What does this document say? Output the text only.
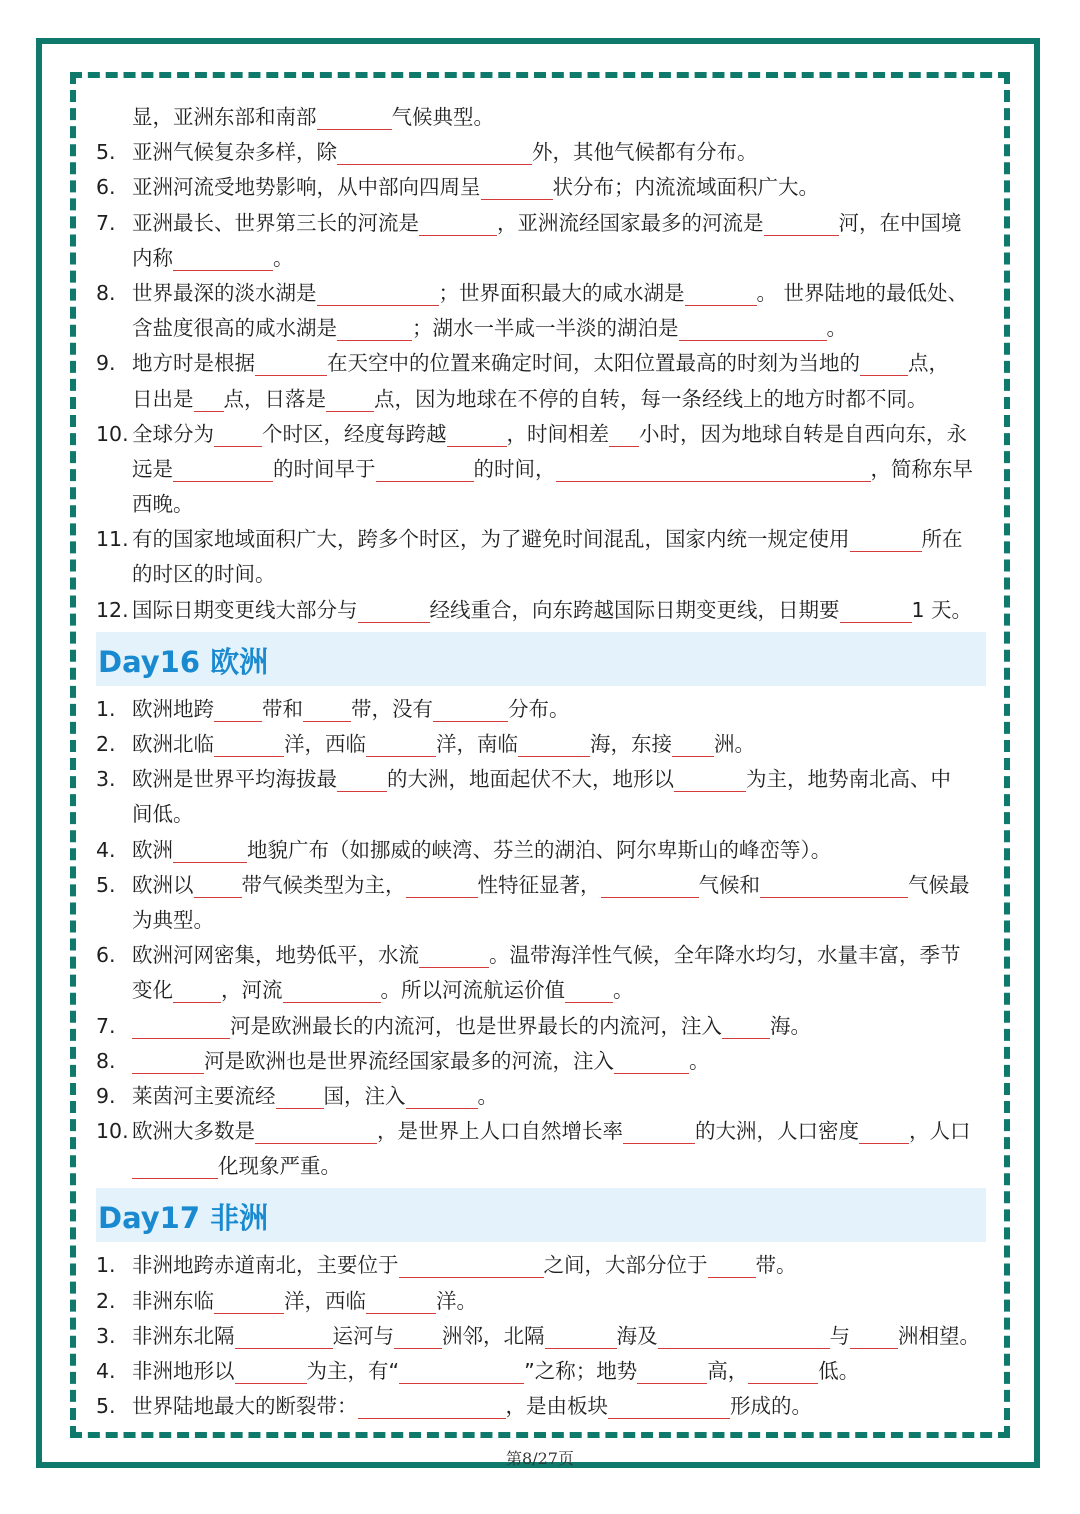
显，亚洲东部和南部	气候典型。
5. 亚洲气候复杂多样，除	外，其他气候都有分布。
6. 亚洲河流受地势影响，从中部向四周呈	状分布；内流流域面积广大。
7. 亚洲最长、世界第三长的河流是	，亚洲流经国家最多的河流是	河，在中国境
内称	。
8. 世界最深的淡水湖是	；世界面积最大的咸水湖是	。 世界陆地的最低处、
含盐度很高的咸水湖是	；湖水一半咸一半淡的湖泊是	。
9. 地方时是根据	在天空中的位置来确定时间，太阳位置最高的时刻为当地的 点，
日出是 点，日落是 点，因为地球在不停的自转，每一条经线上的地方时都不同。
10. 全球分为 个时区，经度每跨越	，时间相差 小时，因为地球自转是自西向东，永
远是	的时间早于	的时间，	，简称东早
西晚。
11. 有的国家地域面积广大，跨多个时区，为了避免时间混乱，国家内统一规定使用	所在
的时区的时间。
12. 国际日期变更线大部分与	经线重合，向东跨越国际日期变更线，日期要	1 天。
Day16 欧洲
1. 欧洲地跨 带和 带，没有	分布。
2. 欧洲北临	洋，西临	洋，南临	海，东接 洲。
3. 欧洲是世界平均海拔最 的大洲，地面起伏不大，地形以	为主，地势南北高、中
间低。
4. 欧洲	地貌广布（如挪威的峡湾、芬兰的湖泊、阿尔卑斯山的峰峦等）。
5. 欧洲以 带气候类型为主，	性特征显著，	气候和	气候最
为典型。
6. 欧洲河网密集，地势低平，水流	。温带海洋性气候，全年降水均匀，水量丰富，季节
变化 ，河流	。所以河流航运价值 。
7.	河是欧洲最长的内流河，也是世界最长的内流河，注入 海。
8.	河是欧洲也是世界流经国家最多的河流，注入	。
9. 莱茵河主要流经 国，注入	。
10. 欧洲大多数是	，是世界上人口自然增长率	的大洲，人口密度 ，人口
化现象严重。
Day17 非洲
1. 非洲地跨赤道南北，主要位于	之间，大部分位于 带。
2. 非洲东临	洋，西临	洋。
3. 非洲东北隔	运河与 洲邻，北隔	海及	与 洲相望。
4. 非洲地形以	为主，有“	”之称；地势	高，	低。
5. 世界陆地最大的断裂带：	，是由板块	形成的。
第8/27页
